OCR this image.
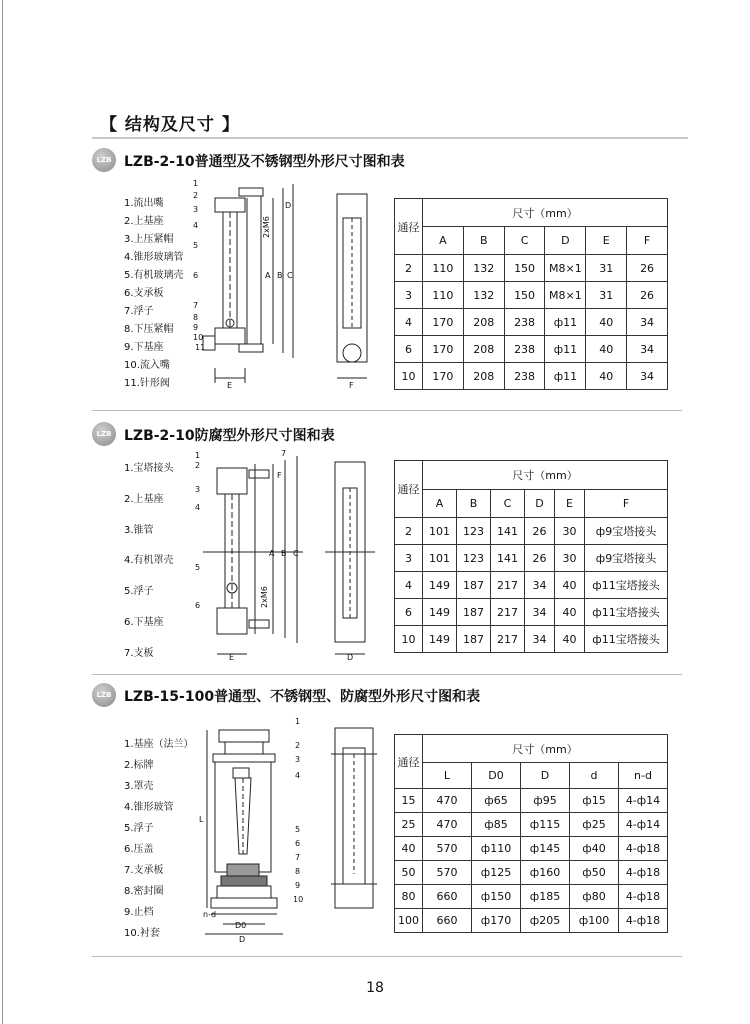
【 结构及尺寸 】
LZB LZB-2-10普通型及不锈钢型外形尺寸图和表
1.流出嘴
2.上基座
3.上压紧帽
4.锥形玻璃管
5.有机玻璃壳
6.支承板
7.浮子
8.下压紧帽
9.下基座
10.流入嘴
11.针形阀
1
2
3
4
5
6
7
8
9
10
11
D
2xM6
A B C
E	F
通径	尺寸（mm）					
	A	B	C	D	E	F
2	110	132	150	M8×1	31	26
3	110	132	150	M8×1	31	26
4	170	208	238	ф11	40	34
6	170	208	238	ф11	40	34
10	170	208	238	ф11	40	34
LZB LZB-2-10防腐型外形尺寸图和表
1.宝塔接头
2.上基座
3.锥管
4.有机罩壳
5.浮子
6.下基座
7.支板
1
2
3
4
5
6
7
F
2xM6
A B C
E	D
通径	尺寸（mm）					
	A	B	C	D	E	F
2	101	123	141	26	30	ф9宝塔接头
3	101	123	141	26	30	ф9宝塔接头
4	149	187	217	34	40	ф11宝塔接头
6	149	187	217	34	40	ф11宝塔接头
10	149	187	217	34	40	ф11宝塔接头
LZB LZB-15-100普通型、不锈钢型、防腐型外形尺寸图和表
1.基座（法兰）
2.标牌
3.罩壳
4.锥形玻管
5.浮子
6.压盖
7.支承板
8.密封圈
9.止档
10.衬套
1
2
3
4
5
6
7
8
9
10
L
n-d
D0
D
通径	尺寸（mm）				
	L	D0	D	d	n-d
15	470	ф65	ф95	ф15	4-ф14
25	470	ф85	ф115	ф25	4-ф14
40	570	ф110	ф145	ф40	4-ф18
50	570	ф125	ф160	ф50	4-ф18
80	660	ф150	ф185	ф80	4-ф18
100	660	ф170	ф205	ф100	4-ф18
18
